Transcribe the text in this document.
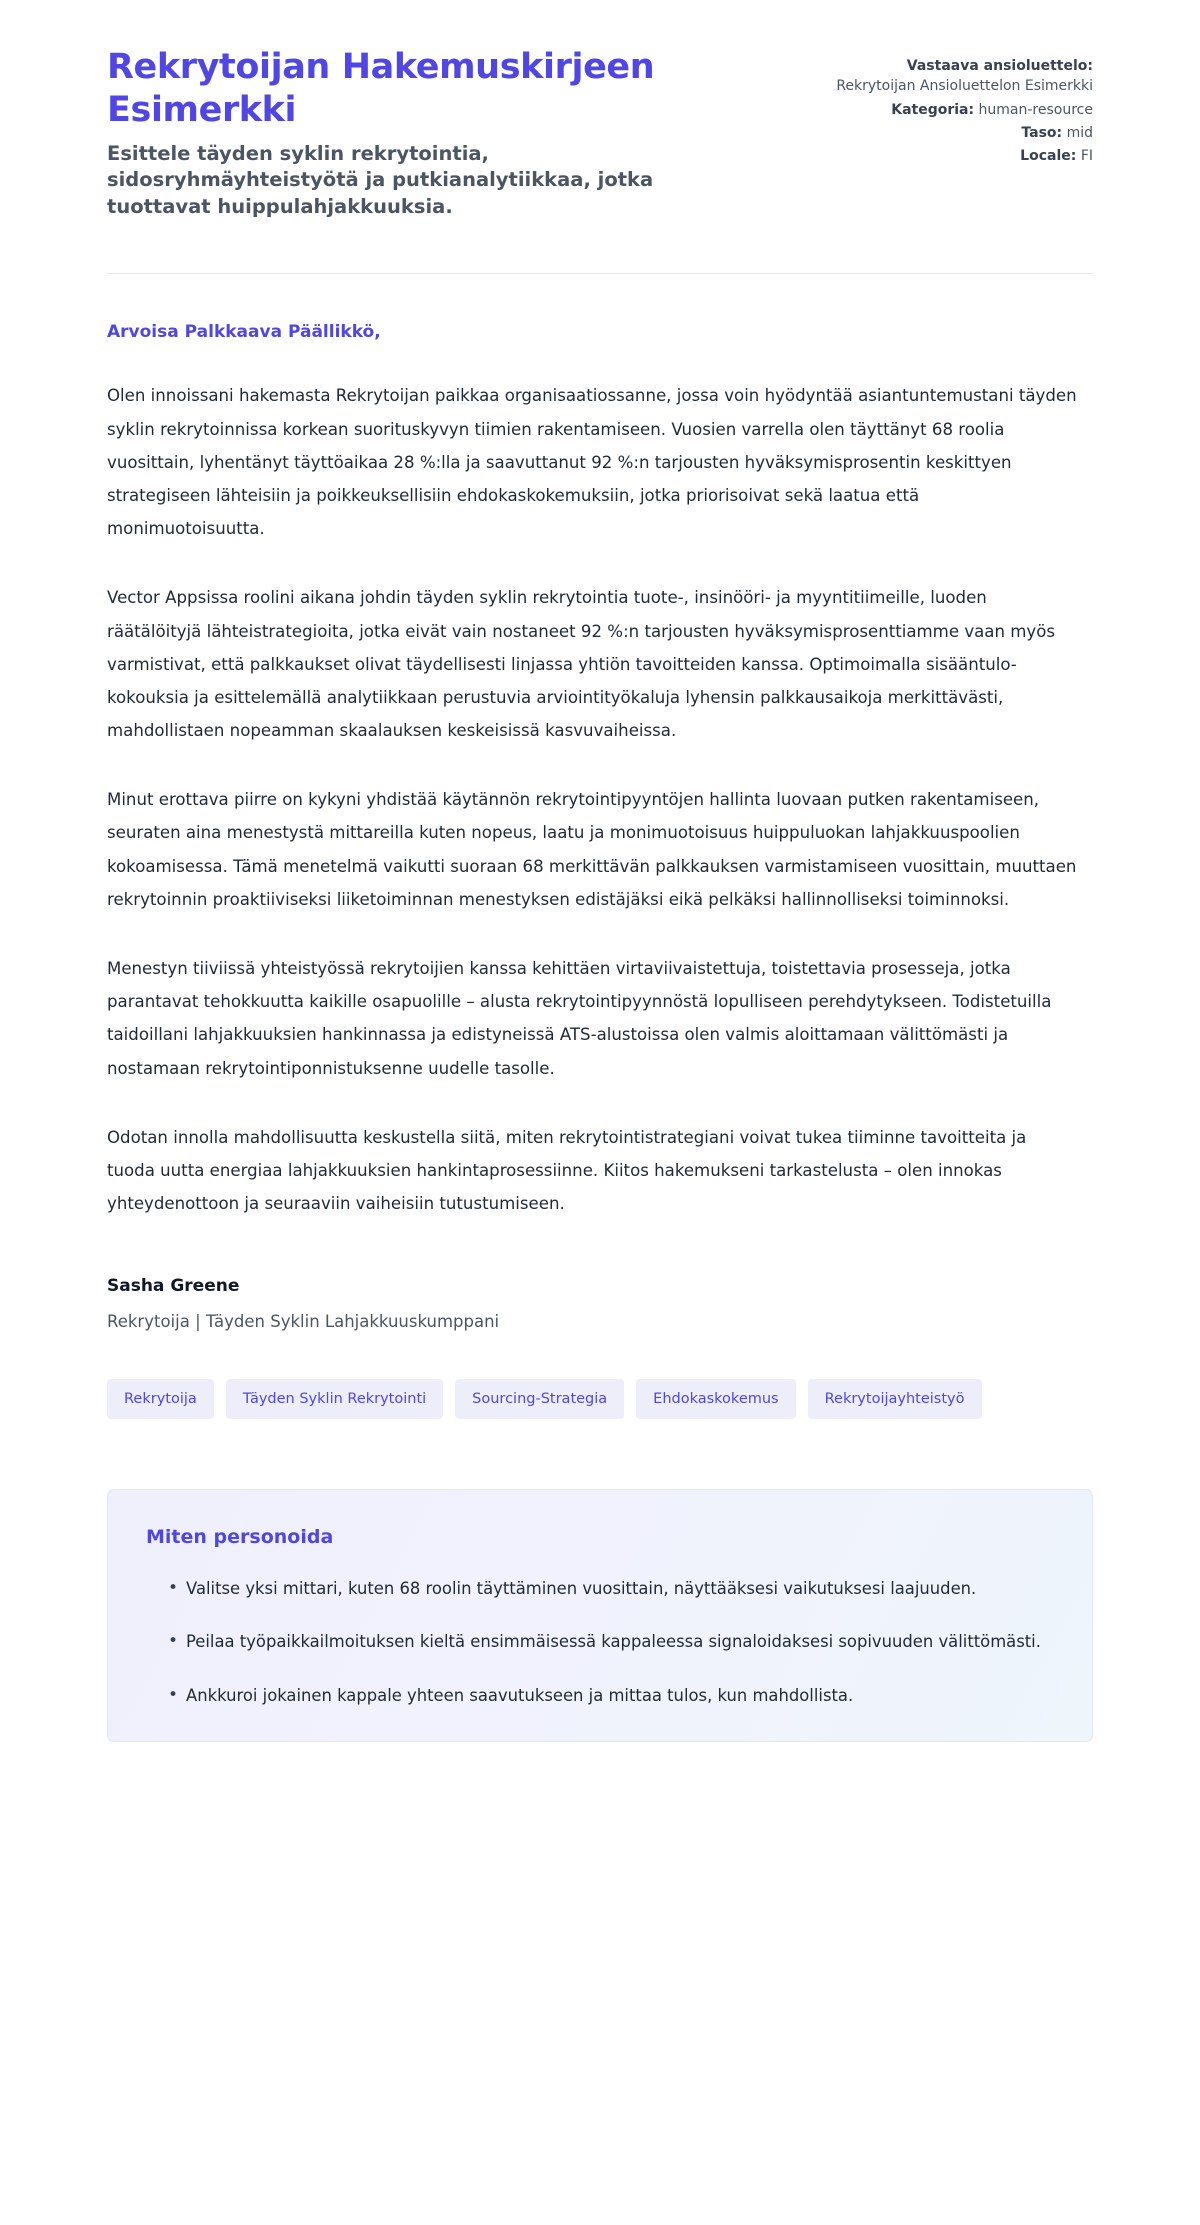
Rekrytoijan Hakemuskirjeen Esimerkki

Esittele täyden syklin rekrytointia, sidosryhmäyhteistyötä ja putkianalytiikkaa, jotka tuottavat huippulahjakkuuksia.

Vastaava ansioluettelo:
Rekrytoijan Ansioluettelon Esimerkki
Kategoria: human-resource
Taso: mid
Locale: FI

Arvoisa Palkkaava Päällikkö,

Olen innoissani hakemasta Rekrytoijan paikkaa organisaatiossanne, jossa voin hyödyntää asiantuntemustani täyden syklin rekrytoinnissa korkean suorituskyvyn tiimien rakentamiseen. Vuosien varrella olen täyttänyt 68 roolia vuosittain, lyhentänyt täyttöaikaa 28 %:lla ja saavuttanut 92 %:n tarjousten hyväksymisprosentin keskittyen strategiseen lähteisiin ja poikkeuksellisiin ehdokaskokemuksiin, jotka priorisoivat sekä laatua että monimuotoisuutta.

Vector Appsissa roolini aikana johdin täyden syklin rekrytointia tuote-, insinööri- ja myyntitiimeille, luoden räätälöityjä lähteistrategioita, jotka eivät vain nostaneet 92 %:n tarjousten hyväksymisprosenttiamme vaan myös varmistivat, että palkkaukset olivat täydellisesti linjassa yhtiön tavoitteiden kanssa. Optimoimalla sisääntulo-kokouksia ja esittelemällä analytiikkaan perustuvia arviointityökaluja lyhensin palkkausaikoja merkittävästi, mahdollistaen nopeamman skaalauksen keskeisissä kasvuvaiheissa.

Minut erottava piirre on kykyni yhdistää käytännön rekrytointipyyntöjen hallinta luovaan putken rakentamiseen, seuraten aina menestystä mittareilla kuten nopeus, laatu ja monimuotoisuus huippuluokan lahjakkuuspoolien kokoamisessa. Tämä menetelmä vaikutti suoraan 68 merkittävän palkkauksen varmistamiseen vuosittain, muuttaen rekrytoinnin proaktiiviseksi liiketoiminnan menestyksen edistäjäksi eikä pelkäksi hallinnolliseksi toiminnoksi.

Menestyn tiiviissä yhteistyössä rekrytoijien kanssa kehittäen virtaviivaistettuja, toistettavia prosesseja, jotka parantavat tehokkuutta kaikille osapuolille – alusta rekrytointipyynnöstä lopulliseen perehdytykseen. Todistetuilla taidoillani lahjakkuuksien hankinnassa ja edistyneissä ATS-alustoissa olen valmis aloittamaan välittömästi ja nostamaan rekrytointiponnistuksenne uudelle tasolle.

Odotan innolla mahdollisuutta keskustella siitä, miten rekrytointistrategiani voivat tukea tiiminne tavoitteita ja tuoda uutta energiaa lahjakkuuksien hankintaprosessiinne. Kiitos hakemukseni tarkastelusta – olen innokas yhteydenottoon ja seuraaviin vaiheisiin tutustumiseen.

Sasha Greene

Rekrytoija | Täyden Syklin Lahjakkuuskumppani

Rekrytoija	Täyden Syklin Rekrytointi	Sourcing-Strategia	Ehdokaskokemus	Rekrytoijayhteistyö
Miten personoida
• Valitse yksi mittari, kuten 68 roolin täyttäminen vuosittain, näyttääksesi vaikutuksesi laajuuden.
• Peilaa työpaikkailmoituksen kieltä ensimmäisessä kappaleessa signaloidaksesi sopivuuden välittömästi.
• Ankkuroi jokainen kappale yhteen saavutukseen ja mittaa tulos, kun mahdollista.
